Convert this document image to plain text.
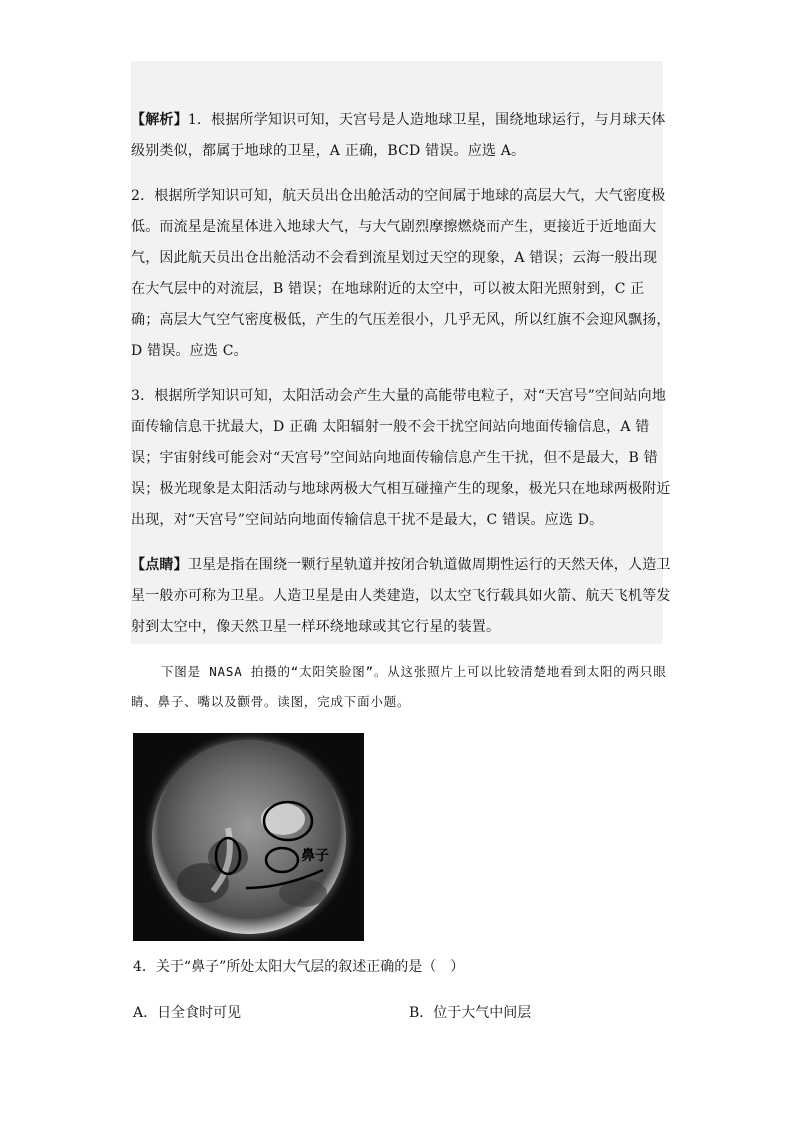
【解析】1．根据所学知识可知，天宫号是人造地球卫星，围绕地球运行，与月球天体级别类似，都属于地球的卫星，A 正确，BCD 错误。应选 A。

2．根据所学知识可知，航天员出仓出舱活动的空间属于地球的高层大气，大气密度极低。而流星是流星体进入地球大气，与大气剧烈摩擦燃烧而产生，更接近于近地面大气，因此航天员出仓出舱活动不会看到流星划过天空的现象，A 错误；云海一般出现在大气层中的对流层，B 错误；在地球附近的太空中，可以被太阳光照射到，C 正确；高层大气空气密度极低，产生的气压差很小，几乎无风，所以红旗不会迎风飘扬，D 错误。应选 C。

3．根据所学知识可知，太阳活动会产生大量的高能带电粒子，对“天宫号”空间站向地面传输信息干扰最大，D 正确 太阳辐射一般不会干扰空间站向地面传输信息，A 错误；宇宙射线可能会对“天宫号”空间站向地面传输信息产生干扰，但不是最大，B 错误；极光现象是太阳活动与地球两极大气相互碰撞产生的现象，极光只在地球两极附近出现，对“天宫号”空间站向地面传输信息干扰不是最大，C 错误。应选 D。

【点睛】卫星是指在围绕一颗行星轨道并按闭合轨道做周期性运行的天然天体，人造卫星一般亦可称为卫星。人造卫星是由人类建造，以太空飞行载具如火箭、航天飞机等发射到太空中，像天然卫星一样环绕地球或其它行星的装置。

下图是 NASA 拍摄的“太阳笑脸图”。从这张照片上可以比较清楚地看到太阳的两只眼睛、鼻子、嘴以及颧骨。读图，完成下面小题。

鼻子

4．关于“鼻子”所处太阳大气层的叙述正确的是（　）

A．日全食时可见	B．位于大气中间层
